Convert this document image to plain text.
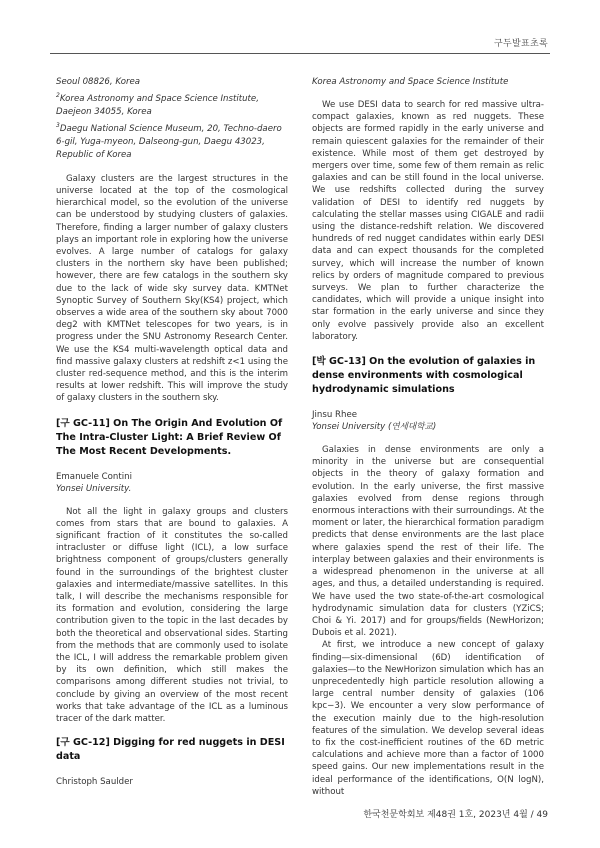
구두발표초록
Seoul 08826, Korea
$^2$Korea Astronomy and Space Science Institute,
Daejeon 34055, Korea
$^3$Daegu National Science Museum, 20, Techno-daero
6-gil, Yuga-myeon, Dalseong-gun, Daegu 43023,
Republic of Korea

Galaxy clusters are the largest structures in the universe located at the top of the cosmological hierarchical model, so the evolution of the universe can be understood by studying clusters of galaxies. Therefore, finding a larger number of galaxy clusters plays an important role in exploring how the universe evolves. A large number of catalogs for galaxy clusters in the northern sky have been published; however, there are few catalogs in the southern sky due to the lack of wide sky survey data. KMTNet Synoptic Survey of Southern Sky(KS4) project, which observes a wide area of the southern sky about 7000 deg2 with KMTNet telescopes for two years, is in progress under the SNU Astronomy Research Center. We use the KS4 multi-wavelength optical data and find massive galaxy clusters at redshift z<1 using the cluster red-sequence method, and this is the interim results at lower redshift. This will improve the study of galaxy clusters in the southern sky.

[구 GC-11] On The Origin And Evolution Of The Intra-Cluster Light: A Brief Review Of The Most Recent Developments.

Emanuele Contini
Yonsei University.

Not all the light in galaxy groups and clusters comes from stars that are bound to galaxies. A significant fraction of it constitutes the so-called intracluster or diffuse light (ICL), a low surface brightness component of groups/clusters generally found in the surroundings of the brightest cluster galaxies and intermediate/massive satellites. In this talk, I will describe the mechanisms responsible for its formation and evolution, considering the large contribution given to the topic in the last decades by both the theoretical and observational sides. Starting from the methods that are commonly used to isolate the ICL, I will address the remarkable problem given by its own definition, which still makes the comparisons among different studies not trivial, to conclude by giving an overview of the most recent works that take advantage of the ICL as a luminous tracer of the dark matter.

[구 GC-12] Digging for red nuggets in DESI data

Christoph Saulder
Korea Astronomy and Space Science Institute

We use DESI data to search for red massive ultra-compact galaxies, known as red nuggets. These objects are formed rapidly in the early universe and remain quiescent galaxies for the remainder of their existence. While most of them get destroyed by mergers over time, some few of them remain as relic galaxies and can be still found in the local universe. We use redshifts collected during the survey validation of DESI to identify red nuggets by calculating the stellar masses using CIGALE and radii using the distance-redshift relation. We discovered hundreds of red nugget candidates within early DESI data and can expect thousands for the completed survey, which will increase the number of known relics by orders of magnitude compared to previous surveys. We plan to further characterize the candidates, which will provide a unique insight into star formation in the early universe and since they only evolve passively provide also an excellent laboratory.

[박 GC-13] On the evolution of galaxies in dense environments with cosmological hydrodynamic simulations

Jinsu Rhee
Yonsei University (연세대학교)

Galaxies in dense environments are only a minority in the universe but are consequential objects in the theory of galaxy formation and evolution. In the early universe, the first massive galaxies evolved from dense regions through enormous interactions with their surroundings. At the moment or later, the hierarchical formation paradigm predicts that dense environments are the last place where galaxies spend the rest of their life. The interplay between galaxies and their environments is a widespread phenomenon in the universe at all ages, and thus, a detailed understanding is required. We have used the two state-of-the-art cosmological hydrodynamic simulation data for clusters (YZiCS; Choi & Yi. 2017) and for groups/fields (NewHorizon; Dubois et al. 2021).

At first, we introduce a new concept of galaxy finding—six-dimensional (6D) identification of galaxies—to the NewHorizon simulation which has an unprecedentedly high particle resolution allowing a large central number density of galaxies (106 kpc−3). We encounter a very slow performance of the execution mainly due to the high-resolution features of the simulation. We develop several ideas to fix the cost-inefficient routines of the 6D metric calculations and achieve more than a factor of 1000 speed gains. Our new implementations result in the ideal performance of the identifications, O(N logN), without

한국천문학회보 제48권 1호, 2023년 4월 / 49
